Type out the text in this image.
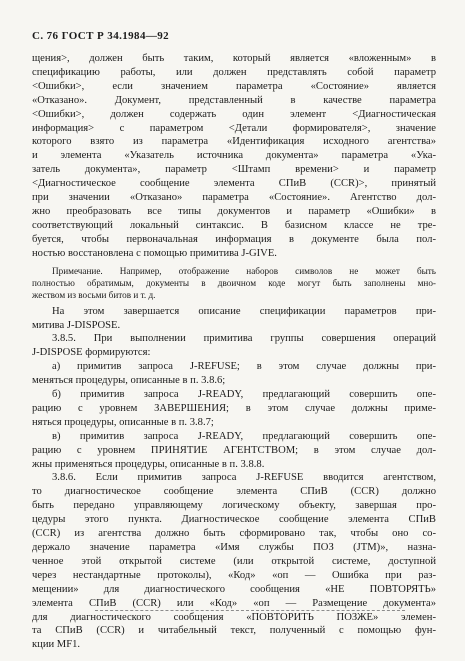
С. 76 ГОСТ Р 34.1984—92

щения>, должен быть таким, который является «вложенным» в

спецификацию работы, или должен представлять собой параметр

<Ошибки>, если значением параметра «Состояние» является

«Отказано». Документ, представленный в качестве параметра

<Ошибки>, должен содержать один элемент <Диагностическая

информация> с параметром <Детали формирователя>, значение

которого взято из параметра «Идентификация исходного агентства»

и элемента «Указатель источника документа» параметра «Ука-

затель документа», параметр <Штамп времени> и параметр

<Диагностическое сообщение элемента СПиВ (CCR)>, принятый

при значении «Отказано» параметра «Состояние». Агентство дол-

жно преобразовать все типы документов и параметр «Ошибки» в

соответствующий локальный синтаксис. В базисном классе не тре-

буется, чтобы первоначальная информация в документе была пол-

ностью восстановлена с помощью примитива J-GIVE.

Примечание. Например, отображение наборов символов не может быть

полностью обратимым, документы в двоичном коде могут быть заполнены мно-

жеством из восьми битов и т. д.

На этом завершается описание спецификации параметров при-

митива J-DISPOSE.

3.8.5. При выполнении примитива группы совершения операций

J-DISPOSE формируются:

а) примитив запроса J-REFUSE; в этом случае должны при-

меняться процедуры, описанные в п. 3.8.6;

б) примитив запроса J-READY, предлагающий совершить опе-

рацию с уровнем ЗАВЕРШЕНИЯ; в этом случае должны приме-

няться процедуры, описанные в п. 3.8.7;

в) примитив запроса J-READY, предлагающий совершить опе-

рацию с уровнем ПРИНЯТИЕ АГЕНТСТВОМ; в этом случае дол-

жны применяться процедуры, описанные в п. 3.8.8.

3.8.6. Если примитив запроса J-REFUSE вводится агентством,

то диагностическое сообщение элемента СПиВ (CCR) должно

быть передано управляющему логическому объекту, завершая про-

цедуры этого пункта. Диагностическое сообщение элемента СПиВ

(CCR) из агентства должно быть сформировано так, чтобы оно со-

держало значение параметра «Имя службы ПОЗ (JTM)», назна-

ченное этой открытой системе (или открытой системе, доступной

через нестандартные протоколы), «Код» «оп — Ошибка при раз-

мещении» для диагностического сообщения «НЕ ПОВТОРЯТЬ»

элемента СПиВ (CCR) или «Код» «оп — Размещение документа»

для диагностического сообщения «ПОВТОРИТЬ ПОЗЖЕ» элемен-

та СПиВ (CCR) и читабельный текст, полученный с помощью фун-

кции MF1.
